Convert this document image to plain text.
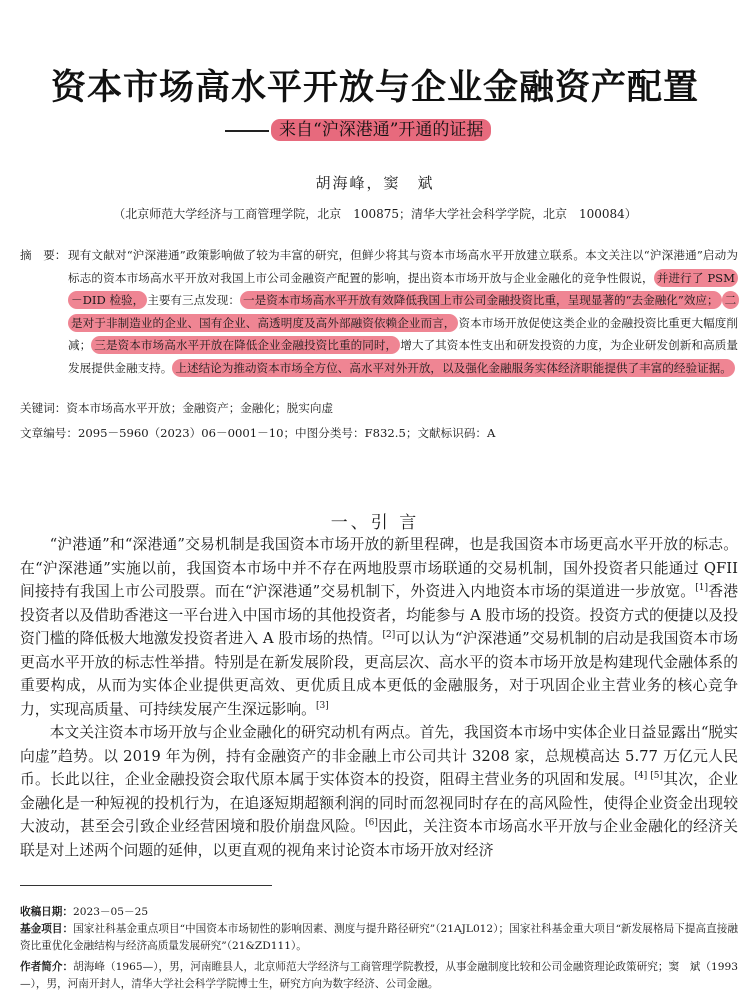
资本市场高水平开放与企业金融资产配置
来自“沪深港通”开通的证据
胡海峰，窦　斌
（北京师范大学经济与工商管理学院，北京　100875；清华大学社会科学学院，北京　100084）
摘　要： 现有文献对“沪深港通”政策影响做了较为丰富的研究，但鲜少将其与资本市场高水平开放建立联系。本文关注以“沪深港通”启动为标志的资本市场高水平开放对我国上市公司金融资产配置的影响，提出资本市场开放与企业金融化的竞争性假说， 并进行了 PSM－DID 检验， 主要有三点发现： 一是资本市场高水平开放有效降低我国上市公司金融投资比重，呈现显著的“去金融化”效应； 二是对于非制造业的企业、国有企业、高透明度及高外部融资依赖企业而言， 资本市场开放促使这类企业的金融投资比重更大幅度削减； 三是资本市场高水平开放在降低企业金融投资比重的同时， 增大了其资本性支出和研发投资的力度，为企业研发创新和高质量发展提供金融支持。 上述结论为推动资本市场全方位、高水平对外开放，以及强化金融服务实体经济职能提供了丰富的经验证据。
关键词：资本市场高水平开放；金融资产；金融化；脱实向虚
文章编号：2095－5960（2023）06－0001－10；中图分类号：F832.5；文献标识码：A
一、引 言

“沪港通”和“深港通”交易机制是我国资本市场开放的新里程碑，也是我国资本市场更高水平开放的标志。在“沪深港通”实施以前，我国资本市场中并不存在两地股票市场联通的交易机制，国外投资者只能通过 QFII 间接持有我国上市公司股票。而在“沪深港通”交易机制下，外资进入内地资本市场的渠道进一步放宽。[1]香港投资者以及借助香港这一平台进入中国市场的其他投资者，均能参与 A 股市场的投资。投资方式的便捷以及投资门槛的降低极大地激发投资者进入 A 股市场的热情。[2]可以认为“沪深港通”交易机制的启动是我国资本市场更高水平开放的标志性举措。特别是在新发展阶段，更高层次、高水平的资本市场开放是构建现代金融体系的重要构成，从而为实体企业提供更高效、更优质且成本更低的金融服务，对于巩固企业主营业务的核心竞争力，实现高质量、可持续发展产生深远影响。[3]

本文关注资本市场开放与企业金融化的研究动机有两点。首先，我国资本市场中实体企业日益显露出“脱实向虚”趋势。以 2019 年为例，持有金融资产的非金融上市公司共计 3208 家，总规模高达 5.77 万亿元人民币。长此以往，企业金融投资会取代原本属于实体资本的投资，阻碍主营业务的巩固和发展。[4] [5]其次，企业金融化是一种短视的投机行为，在追逐短期超额利润的同时而忽视同时存在的高风险性，使得企业资金出现较大波动，甚至会引致企业经营困境和股价崩盘风险。[6]因此，关注资本市场高水平开放与企业金融化的经济关联是对上述两个问题的延伸，以更直观的视角来讨论资本市场开放对经济

收稿日期：2023－05－25
基金项目：国家社科基金重点项目“中国资本市场韧性的影响因素、测度与提升路径研究”（21AJL012）；国家社科基金重大项目“新发展格局下提高直接融资比重优化金融结构与经济高质量发展研究”（21&ZD111）。
作者简介：胡海峰（1965—），男，河南睢县人，北京师范大学经济与工商管理学院教授，从事金融制度比较和公司金融资理论政策研究；窦　斌（1993—），男，河南开封人，清华大学社会科学学院博士生，研究方向为数字经济、公司金融。
